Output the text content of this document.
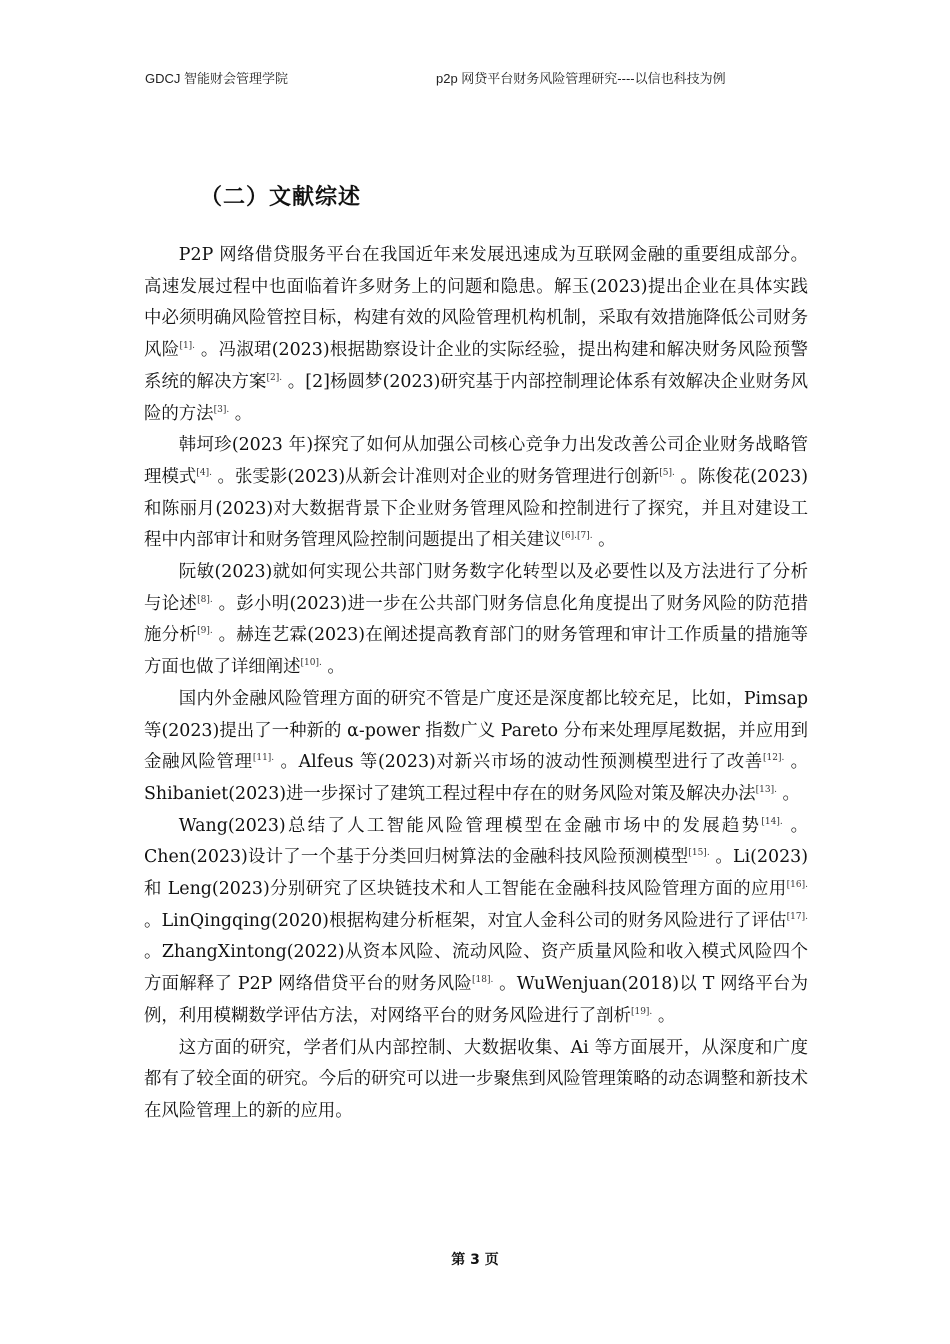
GDCJ 智能财会管理学院	p2p 网贷平台财务风险管理研究----以信也科技为例
（二）文献综述

P2P 网络借贷服务平台在我国近年来发展迅速成为互联网金融的重要组成部分。高速发展过程中也面临着许多财务上的问题和隐患。解玉(2023)提出企业在具体实践中必须明确风险管控目标，构建有效的风险管理机构机制，采取有效措施降低公司财务风险$^{[1].}$ 。冯淑珺(2023)根据勘察设计企业的实际经验，提出构建和解决财务风险预警系统的解决方案$^{[2].}$ 。[2]杨圆梦(2023)研究基于内部控制理论体系有效解决企业财务风险的方法$^{[3].}$ 。

韩坷珍(2023 年)探究了如何从加强公司核心竞争力出发改善公司企业财务战略管理模式$^{[4].}$ 。张雯影(2023)从新会计准则对企业的财务管理进行创新$^{[5].}$ 。陈俊花(2023)和陈丽月(2023)对大数据背景下企业财务管理风险和控制进行了探究，并且对建设工程中内部审计和财务管理风险控制问题提出了相关建议$^{[6].[7].}$ 。

阮敏(2023)就如何实现公共部门财务数字化转型以及必要性以及方法进行了分析与论述$^{[8].}$ 。彭小明(2023)进一步在公共部门财务信息化角度提出了财务风险的防范措施分析$^{[9].}$ 。赫连艺霖(2023)在阐述提高教育部门的财务管理和审计工作质量的措施等方面也做了详细阐述$^{[10].}$ 。

国内外金融风险管理方面的研究不管是广度还是深度都比较充足，比如，Pimsap 等(2023)提出了一种新的 α-power 指数广义 Pareto 分布来处理厚尾数据，并应用到金融风险管理$^{[11].}$ 。Alfeus 等(2023)对新兴市场的波动性预测模型进行了改善$^{[12].}$ 。Shibaniet(2023)进一步探讨了建筑工程过程中存在的财务风险对策及解决办法$^{[13].}$ 。

Wang(2023)总结了人工智能风险管理模型在金融市场中的发展趋势$^{[14].}$ 。Chen(2023)设计了一个基于分类回归树算法的金融科技风险预测模型$^{[15].}$ 。Li(2023)和 Leng(2023)分别研究了区块链技术和人工智能在金融科技风险管理方面的应用$^{[16].}$ 。LinQingqing(2020)根据构建分析框架，对宜人金科公司的财务风险进行了评估$^{[17].}$ 。ZhangXintong(2022)从资本风险、流动风险、资产质量风险和收入模式风险四个方面解释了 P2P 网络借贷平台的财务风险$^{[18].}$ 。WuWenjuan(2018)以 T 网络平台为例，利用模糊数学评估方法，对网络平台的财务风险进行了剖析$^{[19].}$ 。

这方面的研究，学者们从内部控制、大数据收集、Ai 等方面展开，从深度和广度都有了较全面的研究。今后的研究可以进一步聚焦到风险管理策略的动态调整和新技术在风险管理上的新的应用。

第 3 页
